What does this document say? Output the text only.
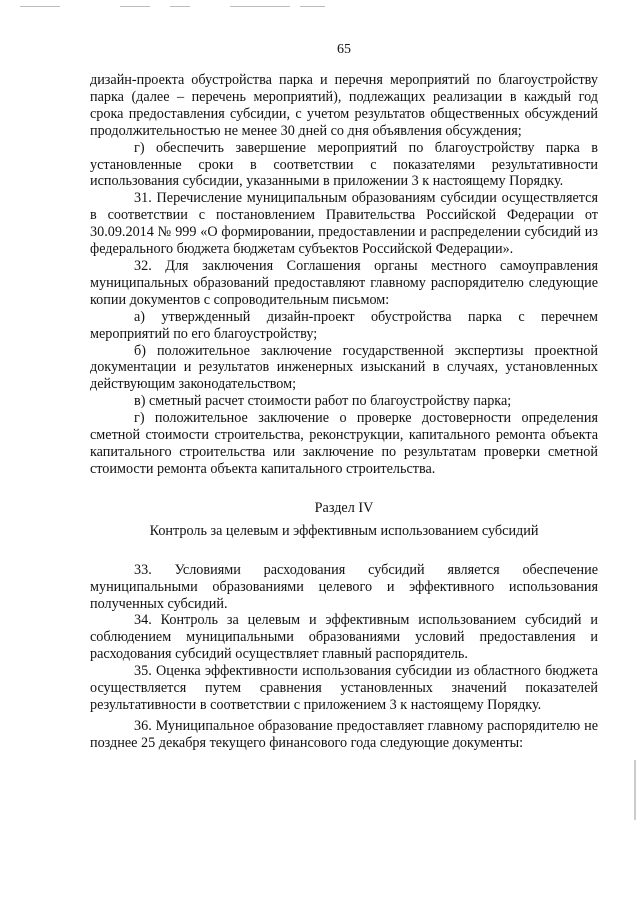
65

дизайн-проекта обустройства парка и перечня мероприятий по благоустройству парка (далее – перечень мероприятий), подлежащих реализации в каждый год срока предоставления субсидии, с учетом результатов общественных обсуждений продолжительностью не менее 30 дней со дня объявления обсуждения;

г) обеспечить завершение мероприятий по благоустройству парка в установленные сроки в соответствии с показателями результативности использования субсидии, указанными в приложении 3 к настоящему Порядку.

31. Перечисление муниципальным образованиям субсидии осуществляется в соответствии с постановлением Правительства Российской Федерации от 30.09.2014 № 999 «О формировании, предоставлении и распределении субсидий из федерального бюджета бюджетам субъектов Российской Федерации».

32. Для заключения Соглашения органы местного самоуправления муниципальных образований предоставляют главному распорядителю следующие копии документов с сопроводительным письмом:

а) утвержденный дизайн-проект обустройства парка с перечнем мероприятий по его благоустройству;

б) положительное заключение государственной экспертизы проектной документации и результатов инженерных изысканий в случаях, установленных действующим законодательством;

в) сметный расчет стоимости работ по благоустройству парка;

г) положительное заключение о проверке достоверности определения сметной стоимости строительства, реконструкции, капитального ремонта объекта капитального строительства или заключение по результатам проверки сметной стоимости ремонта объекта капитального строительства.

Раздел IV
Контроль за целевым и эффективным использованием субсидий

33. Условиями расходования субсидий является обеспечение муниципальными образованиями целевого и эффективного использования полученных субсидий.

34. Контроль за целевым и эффективным использованием субсидий и соблюдением муниципальными образованиями условий предоставления и расходования субсидий осуществляет главный распорядитель.

35. Оценка эффективности использования субсидии из областного бюджета осуществляется путем сравнения установленных значений показателей результативности в соответствии с приложением 3 к настоящему Порядку.

36. Муниципальное образование предоставляет главному распорядителю не позднее 25 декабря текущего финансового года следующие документы:
